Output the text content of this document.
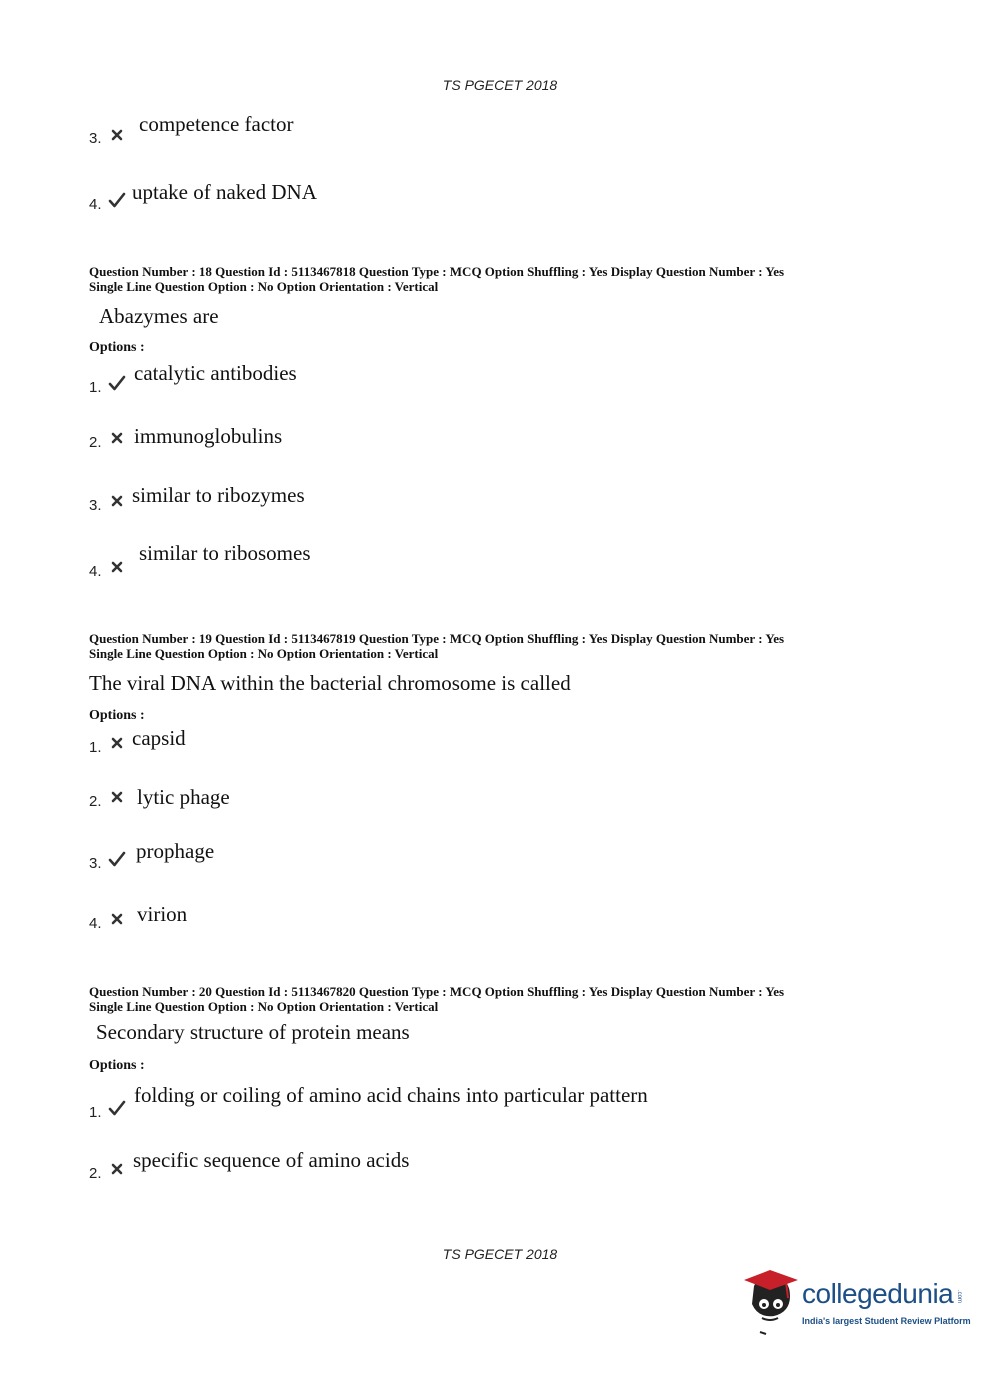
TS PGECET 2018
3.
competence factor
4.
uptake of naked DNA
Question Number : 18 Question Id : 5113467818 Question Type : MCQ Option Shuffling : Yes Display Question Number : Yes
Single Line Question Option : No Option Orientation : Vertical
Abazymes are
Options :
1.
catalytic antibodies
2. immunoglobulins
3. similar to ribozymes
4.
similar to ribosomes
Question Number : 19 Question Id : 5113467819 Question Type : MCQ Option Shuffling : Yes Display Question Number : Yes
Single Line Question Option : No Option Orientation : Vertical
The viral DNA within the bacterial chromosome is called
Options :
1. capsid
2. lytic phage
3.
prophage
4. virion
Question Number : 20 Question Id : 5113467820 Question Type : MCQ Option Shuffling : Yes Display Question Number : Yes
Single Line Question Option : No Option Orientation : Vertical
Secondary structure of protein means
Options :
1.
folding or coiling of amino acid chains into particular pattern
2.
specific sequence of amino acids
TS PGECET 2018
collegedunia .com
India's largest Student Review Platform
